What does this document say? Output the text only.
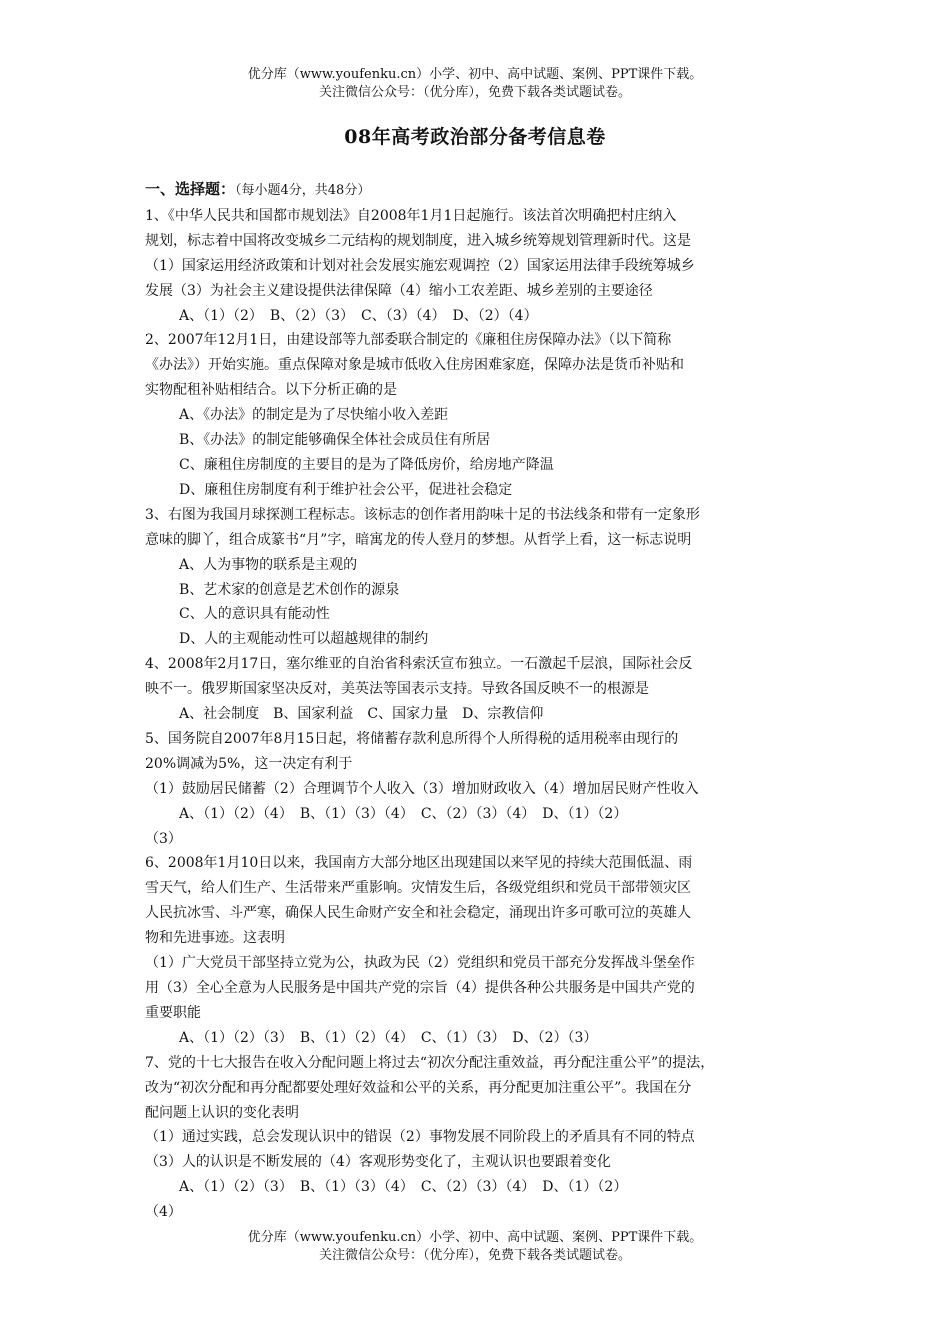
优分库（www.youfenku.cn）小学、初中、高中试题、案例、PPT课件下载。
关注微信公众号：（优分库），免费下载各类试题试卷。
08年高考政治部分备考信息卷

一、选择题：（每小题4分，共48分）

1、《中华人民共和国都市规划法》自2008年1月1日起施行。该法首次明确把村庄纳入

规划，标志着中国将改变城乡二元结构的规划制度，进入城乡统筹规划管理新时代。这是

（1）国家运用经济政策和计划对社会发展实施宏观调控（2）国家运用法律手段统筹城乡

发展（3）为社会主义建设提供法律保障（4）缩小工农差距、城乡差别的主要途径

A、（1）（2）　B、（2）（3）　C、（3）（4）　D、（2）（4）

2、2007年12月1日，由建设部等九部委联合制定的《廉租住房保障办法》（以下简称

《办法》）开始实施。重点保障对象是城市低收入住房困难家庭，保障办法是货币补贴和

实物配租补贴相结合。以下分析正确的是

A、《办法》的制定是为了尽快缩小收入差距

B、《办法》的制定能够确保全体社会成员住有所居

C、廉租住房制度的主要目的是为了降低房价，给房地产降温

D、廉租住房制度有利于维护社会公平，促进社会稳定

3、右图为我国月球探测工程标志。该标志的创作者用韵味十足的书法线条和带有一定象形

意味的脚丫，组合成篆书“月”字，暗寓龙的传人登月的梦想。从哲学上看，这一标志说明

A、人为事物的联系是主观的

B、艺术家的创意是艺术创作的源泉

C、人的意识具有能动性

D、人的主观能动性可以超越规律的制约

4、2008年2月17日，塞尔维亚的自治省科索沃宣布独立。一石激起千层浪，国际社会反

映不一。俄罗斯国家坚决反对，美英法等国表示支持。导致各国反映不一的根源是

A、社会制度　B、国家利益　C、国家力量　D、宗教信仰

5、国务院自2007年8月15日起，将储蓄存款利息所得个人所得税的适用税率由现行的

20%调减为5%，这一决定有利于

（1）鼓励居民储蓄（2）合理调节个人收入（3）增加财政收入（4）增加居民财产性收入

A、（1）（2）（4）　B、（1）（3）（4）　C、（2）（3）（4）　D、（1）（2）

（3）

6、2008年1月10日以来，我国南方大部分地区出现建国以来罕见的持续大范围低温、雨

雪天气，给人们生产、生活带来严重影响。灾情发生后，各级党组织和党员干部带领灾区

人民抗冰雪、斗严寒，确保人民生命财产安全和社会稳定，涌现出许多可歌可泣的英雄人

物和先进事迹。这表明

（1）广大党员干部坚持立党为公，执政为民（2）党组织和党员干部充分发挥战斗堡垒作

用（3）全心全意为人民服务是中国共产党的宗旨（4）提供各种公共服务是中国共产党的

重要职能

A、（1）（2）（3）　B、（1）（2）（4）　C、（1）（3）　D、（2）（3）

7、党的十七大报告在收入分配问题上将过去“初次分配注重效益，再分配注重公平”的提法，

改为“初次分配和再分配都要处理好效益和公平的关系，再分配更加注重公平”。我国在分

配问题上认识的变化表明

（1）通过实践，总会发现认识中的错误（2）事物发展不同阶段上的矛盾具有不同的特点

（3）人的认识是不断发展的（4）客观形势变化了，主观认识也要跟着变化

A、（1）（2）（3）　B、（1）（3）（4）　C、（2）（3）（4）　D、（1）（2）

（4）

优分库（www.youfenku.cn）小学、初中、高中试题、案例、PPT课件下载。
关注微信公众号：（优分库），免费下载各类试题试卷。
